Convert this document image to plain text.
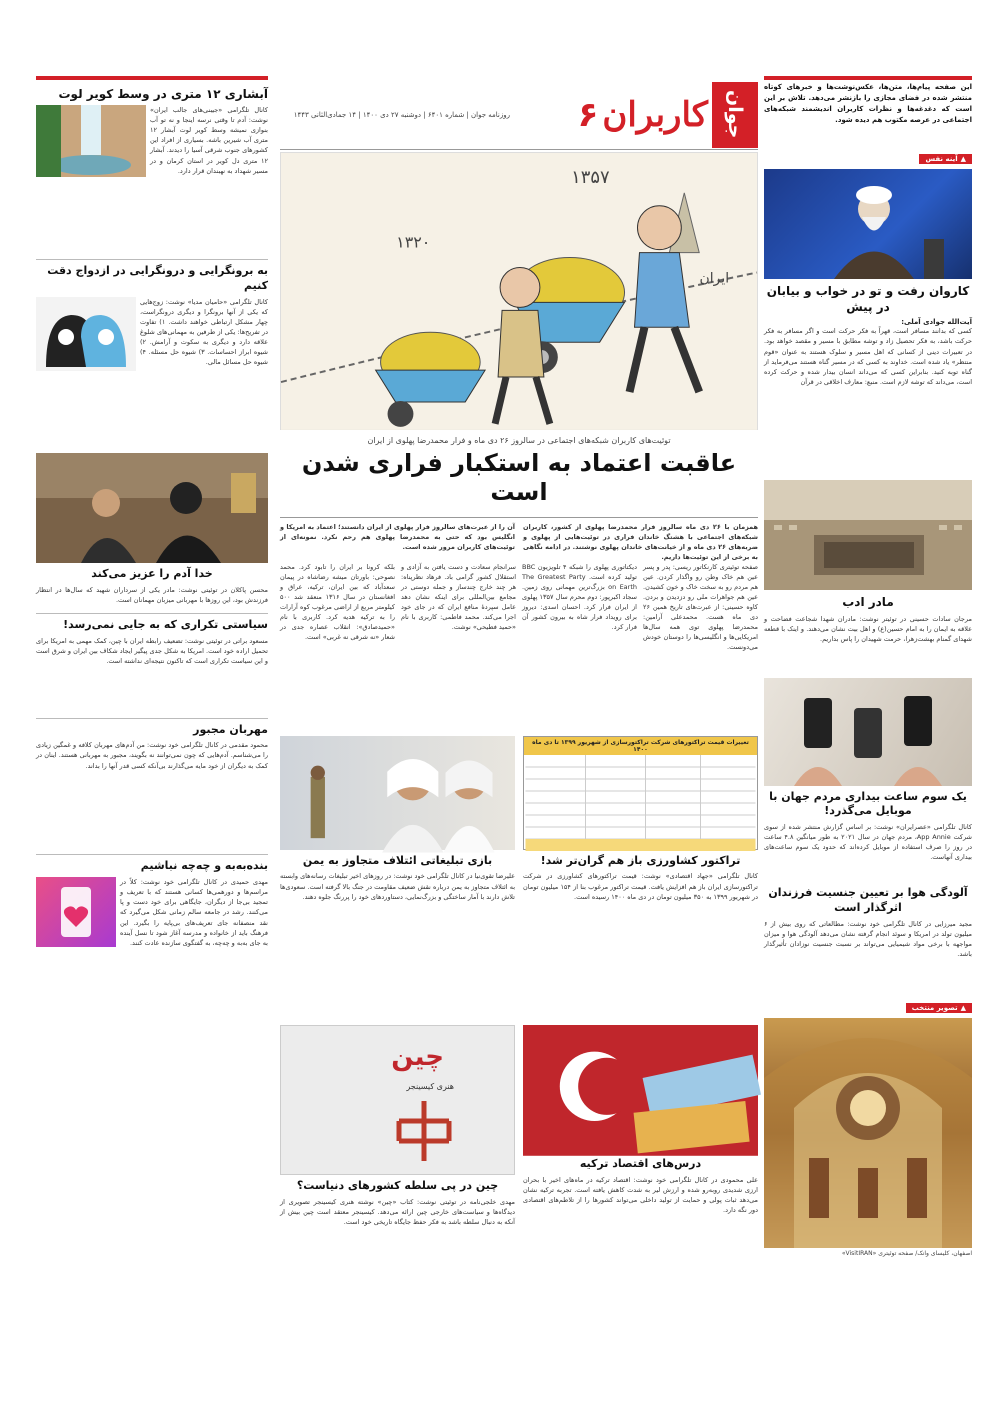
جوان
کاربران
۶
روزنامه جوان | شماره ۶۴۰۱ | دوشنبه ۲۷ دی ۱۴۰۰ | ۱۴ جمادی‌الثانی ۱۴۴۳
این صفحه پیام‌ها، متن‌ها، عکس‌نوشت‌ها و خبرهای کوتاه منتشر شده در فضای مجازی را بازنشر می‌دهد. تلاش بر این است که دغدغه‌ها و نظرات کاربران اندیشمند شبکه‌های اجتماعی در عرصه مکتوب هم دیده شود.
▲
آینه نفس
کاروان رفت و تو در خواب و بیابان در پیش
آیت‌الله جوادی آملی:
کسی که بدانند مسافر است، قهراً به فکر حرکت است و اگر مسافر به فکر حرکت باشد، به فکر تحصیل زاد و توشه مطابق با مسیر و مقصد خواهد بود. در تعبیرات دینی از کسانی که اهل مسیر و سلوک هستند به عنوان «قوم منتظر» یاد شده است. خداوند به کسی که در مسیر گناه هستند می‌فرماید از گناه توبه کنید. بنابراین کسی که می‌داند انسان بیدار شده و حرکت کرده است، می‌داند که توشه لازم است. منبع: معارف اخلاقی در قرآن
مادر ادب
مرجان سادات حسینی در توئیتر نوشت: مادران شهدا شجاعت فضاحت و علاقه به ایمان را به امام حسین(ع) و اهل بیت نشان می‌دهند. و اینک با قطعه شهدای گمنام بهشت‌زهرا، حرمت شهیدان را پاس بداریم.
یک سوم ساعت بیداری مردم جهان با موبایل می‌گذرد!
کانال تلگرامی «عصرایران» نوشت: بر اساس گزارش منتشر شده از سوی شرکت App Annie، مردم جهان در سال ۲۰۲۱ به طور میانگین ۴.۸ ساعت در روز را صرف استفاده از موبایل کرده‌اند که حدود یک سوم ساعت‌های بیداری آنهاست.
آلودگی هوا بر تعیین جنسیت فرزندان اثرگذار است
مجید میرزایی در کانال تلگرامی خود نوشت: مطالعاتی که روی بیش از ۶ میلیون تولد در امریکا و سوئد انجام گرفته نشان می‌دهد آلودگی هوا و میزان مواجهه با برخی مواد شیمیایی می‌تواند بر نسبت جنسیت نوزادان تأثیرگذار باشد.
▲
تصویر منتخب
اصفهان، کلیسای وانک/ صفحه توئیتری «VisitIRAN»
۱۳۵۷
۱۳۲۰
ایران
توئیت‌های کاربران شبکه‌های اجتماعی در سالروز ۲۶ دی ماه و فرار محمدرضا پهلوی از ایران
عاقبت اعتماد به استکبار فراری شدن است
همزمان با ۲۶ دی ماه سالروز فرار محمدرضا پهلوی از کشور، کاربران شبکه‌های اجتماعی با هشتگ خاندان فراری در توئیت‌هایی از پهلوی و ضربه‌های ۲۶ دی ماه و از خیانت‌های خاندان پهلوی نوشتند. در ادامه نگاهی به برخی از این توئیت‌ها داریم.
آن را از عبرت‌های سالروز فرار پهلوی از ایران دانستند؛ اعتماد به امریکا و انگلیس بود که حتی به محمدرضا پهلوی هم رحم نکرد. نمونه‌ای از توئیت‌های کاربران مرور شده است.
صفحه توئیتری کارنکاتور ریسی: پدر و پسر عین هم خاک وطن رو واگذار کردن. عین هم مردم رو به سخت خاک و خون کشیدن. عین هم جواهرات ملی رو دزدیدن و بردن. کاوه حسینی: از عبرت‌های تاریخ همین ۲۶ دی ماه هست. محمدعلی آرامین: محمدرضا پهلوی توی همه سال‌ها امریکایی‌ها و انگلیسی‌ها را دوستان خودش می‌دونست.
دیکتاتوری پهلوی را شبکه ۴ تلویزیون BBC تولید کرده است. The Greatest Party on Earth بزرگ‌ترین مهمانی روی زمین. سجاد اکبرپور: دوم محرم سال ۱۳۵۷ پهلوی از ایران فرار کرد. احسان اسدی: دیروز برای رویداد فرار شاه به بیرون کشور آن فرار کرد.
سرانجام سعادت و دست یافتن به آزادی و استقلال کشور گرامی باد. فرهاد نظرپناه: هر چند خارج چندساز و جمله دوستی در مجامع بین‌المللی برای اینکه نشان دهد عامل سپردهٔ منافع ایران که در جای خود اجرا می‌کند. محمد فاطمی: کاربری با نام «حمید فطیحی» نوشت.
بلکه کرونا بر ایران را تابود کرد. محمد نصوحی: باورتان میشه رضاشاه در پیمان سعدآباد که بین ایران، ترکیه، عراق و افغانستان در سال ۱۳۱۶ منعقد شد ۵۰۰ کیلومتر مربع از اراضی مرغوب کوه آرارات را به ترکیه هدیه کرد. کاربری با نام «حمیدصادق»: انقلاب عصاره جدی در شعار «نه شرقی نه غربی» است.
تغییرات قیمت تراکتورهای شرکت تراکتورسازی از شهریور ۱۳۹۹ تا دی ماه ۱۴۰۰
تراکتور کشاورزی باز هم گران‌تر شد!
کانال تلگرامی «جهاد اقتصادی» نوشت: قیمت تراکتورهای کشاورزی در شرکت تراکتورسازی ایران باز هم افزایش یافت. قیمت تراکتور مرغوب بنا از ۱۵۴ میلیون تومان در شهریور ۱۳۹۹ به ۳۵۰ میلیون تومان در دی ماه ۱۴۰۰ رسیده است.
بازی تبلیغاتی ائتلاف متجاوز به یمن
علیرضا تقوی‌نیا در کانال تلگرامی خود نوشت: در روزهای اخیر تبلیغات رسانه‌های وابسته به ائتلاف متجاوز به یمن درباره نقش ضعیف مقاومت در جنگ بالا گرفته است. سعودی‌ها تلاش دارند با آمار ساختگی و بزرگ‌نمایی، دستاوردهای خود را پررنگ جلوه دهند.
درس‌های اقتصاد ترکیه
علی محمودی در کانال تلگرامی خود نوشت: اقتصاد ترکیه در ماه‌های اخیر با بحران ارزی شدیدی روبه‌رو شده و ارزش لیر به شدت کاهش یافته است. تجربه ترکیه نشان می‌دهد ثبات پولی و حمایت از تولید داخلی می‌تواند کشورها را از تلاطم‌های اقتصادی دور نگه دارد.
چین
هنری کیسینجر
چین در پی سلطه کشورهای دنیاست؟
مهدی خلجی‌نامه در توئیتی نوشت: کتاب «چین» نوشته هنری کیسینجر تصویری از دیدگاه‌ها و سیاست‌های خارجی چین ارائه می‌دهد. کیسینجر معتقد است چین بیش از آنکه به دنبال سلطه باشد به فکر حفظ جایگاه تاریخی خود است.
آبشاری ۱۲ متری در وسط کویر لوت
کانال تلگرامی «جیبنی‌های جالب ایران» نوشت: آدم تا وقتی نرسه اینجا و نه تو آب بنوازی نمیشه وسط کویر لوت آبشار ۱۲ متری آب شیرین باشه. بسیاری از افراد این کشورهای جنوب شرقی آسیا را دیدند. آبشار ۱۲ متری دل کویر در استان کرمان و در مسیر شهداد به نهبندان قرار دارد.
به برونگرایی و درونگرایی در ازدواج دقت کنیم
کانال تلگرامی «حامیان مدیا» نوشت: زوج‌هایی که یکی از آنها برونگرا و دیگری درونگراست، چهار مشکل ارتباطی خواهند داشت. ۱) تفاوت در تفریح‌ها: یکی از طرفین به مهمانی‌های شلوغ علاقه دارد و دیگری به سکوت و آرامش. ۲) شیوه ابراز احساسات. ۳) شیوه حل مسئله. ۴) شیوه حل مسائل مالی.
خدا آدم را عزیز می‌کند
محسن پاکلان در توئیتی نوشت: مادر یکی از سرداران شهید که سال‌ها در انتظار فرزندش بود، این روزها با مهربانی میزبان مهمانان است.
سیاستی تکراری که به جایی نمی‌رسد!
مسعود براتی در توئیتی نوشت: تضعیف رابطه ایران با چین، کمک مهمی به امریکا برای تحمیل اراده خود است. امریکا به شکل جدی پیگیر ایجاد شکاف بین ایران و شرق است و این سیاست تکراری است که تاکنون نتیجه‌ای نداشته است.
مهربان مجبور
محمود مقدمی در کانال تلگرامی خود نوشت: من آدم‌های مهربان کلافه و غمگین زیادی را می‌شناسم. آدم‌هایی که چون نمی‌توانند نه بگویند، مجبور به مهربانی هستند. اینان در کمک به دیگران از خود مایه می‌گذارند بی‌آنکه کسی قدر آنها را بداند.
بنده‌به‌به و چه‌چه نباشیم
مهدی حمیدی در کانال تلگرامی خود نوشت: کلاً در مراسم‌ها و دورهمی‌ها کسانی هستند که با تعریف و تمجید بی‌جا از دیگران، جایگاهی برای خود دست و پا می‌کنند. رشد در جامعه سالم زمانی شکل می‌گیرد که نقد منصفانه جای تعریف‌های بی‌پایه را بگیرد. این فرهنگ باید از خانواده و مدرسه آغاز شود تا نسل آینده به جای به‌به و چه‌چه، به گفتگوی سازنده عادت کنند.
